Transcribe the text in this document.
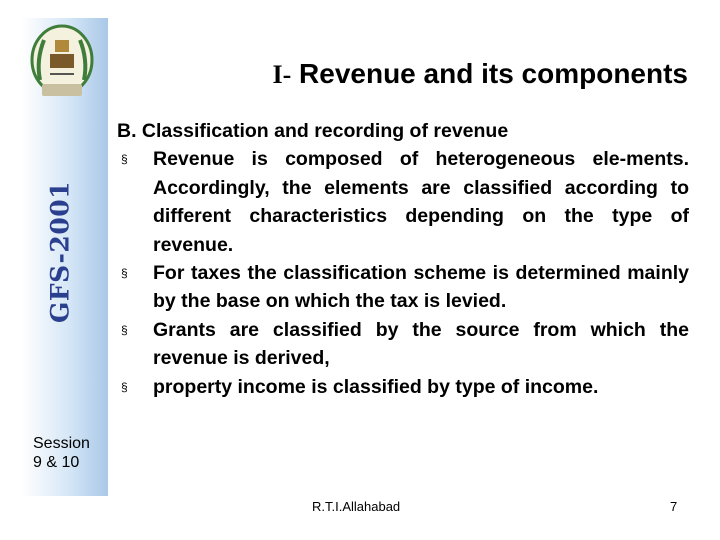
GFS-2001
Session
9 & 10
I- Revenue and its components

B. Classification and recording of revenue

§ Revenue is composed of heterogeneous ele-ments. Accordingly, the elements are classified according to different characteristics depending on the type of revenue.
§ For taxes the classification scheme is determined mainly by the base on which the tax is levied.
§ Grants are classified by the source from which the revenue is derived,
§ property income is classified by type of income.
R.T.I.Allahabad	7
